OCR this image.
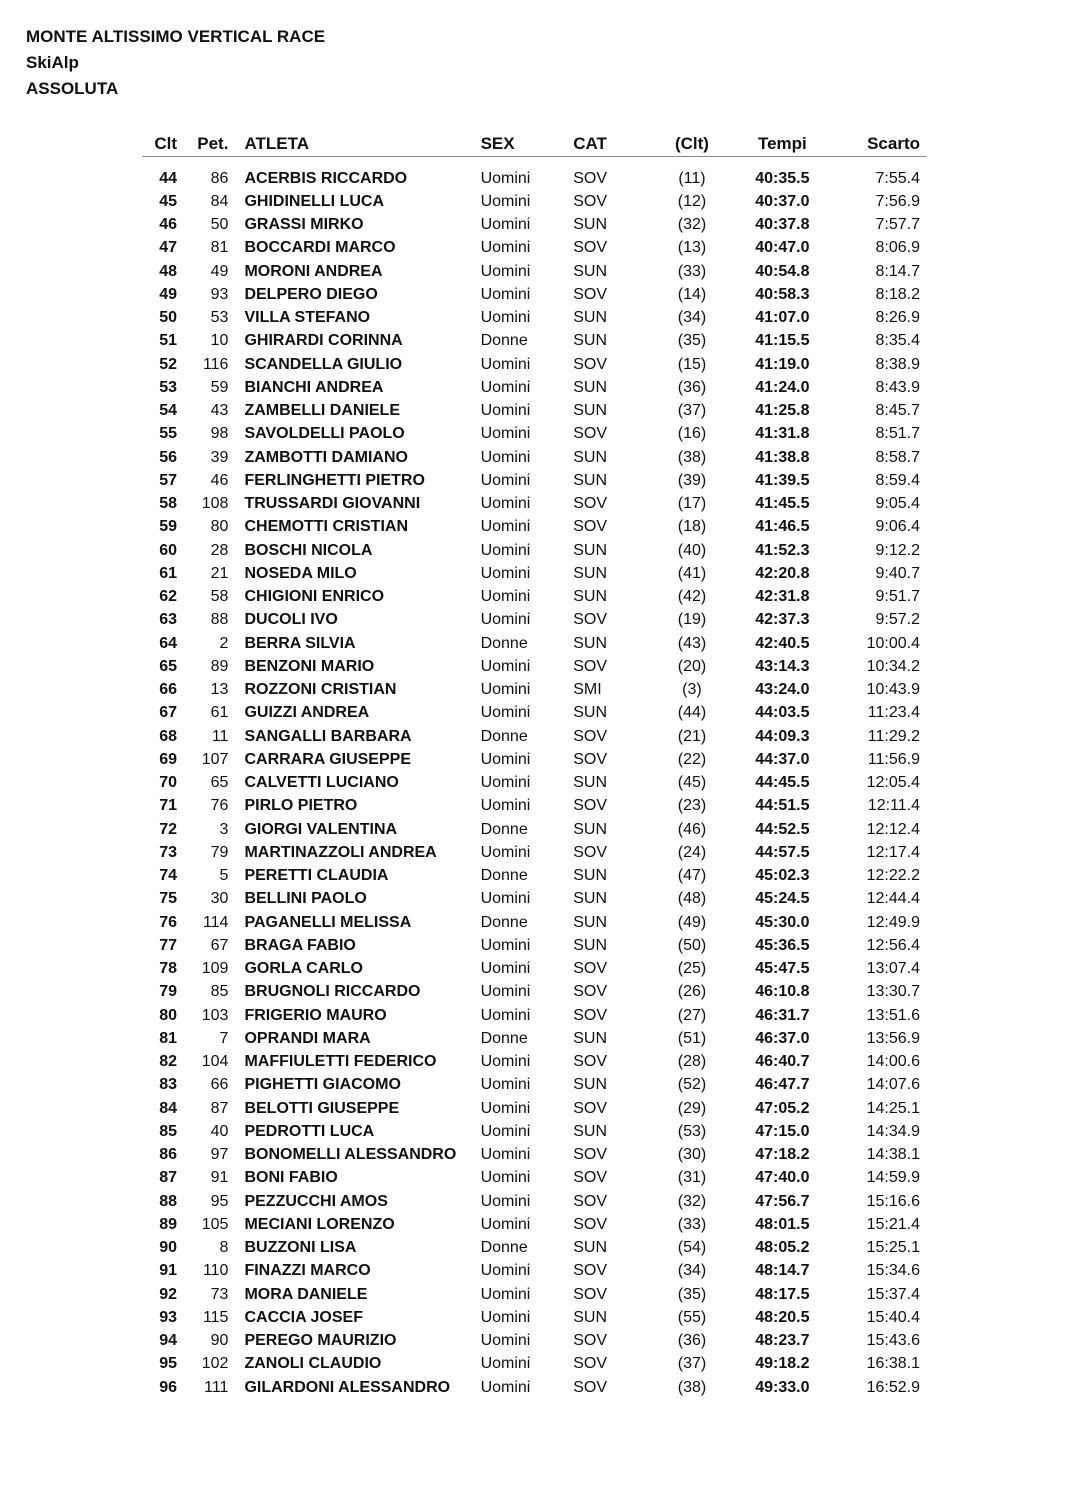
MONTE ALTISSIMO VERTICAL RACE
SkiAlp
ASSOLUTA
Clt	Pet.	ATLETA	SEX	CAT	(Clt)	Tempi	Scarto

44	86	ACERBIS RICCARDO	Uomini	SOV	(11)	40:35.5	7:55.4
45	84	GHIDINELLI LUCA	Uomini	SOV	(12)	40:37.0	7:56.9
46	50	GRASSI MIRKO	Uomini	SUN	(32)	40:37.8	7:57.7
47	81	BOCCARDI MARCO	Uomini	SOV	(13)	40:47.0	8:06.9
48	49	MORONI ANDREA	Uomini	SUN	(33)	40:54.8	8:14.7
49	93	DELPERO DIEGO	Uomini	SOV	(14)	40:58.3	8:18.2
50	53	VILLA STEFANO	Uomini	SUN	(34)	41:07.0	8:26.9
51	10	GHIRARDI CORINNA	Donne	SUN	(35)	41:15.5	8:35.4
52	116	SCANDELLA GIULIO	Uomini	SOV	(15)	41:19.0	8:38.9
53	59	BIANCHI ANDREA	Uomini	SUN	(36)	41:24.0	8:43.9
54	43	ZAMBELLI DANIELE	Uomini	SUN	(37)	41:25.8	8:45.7
55	98	SAVOLDELLI PAOLO	Uomini	SOV	(16)	41:31.8	8:51.7
56	39	ZAMBOTTI DAMIANO	Uomini	SUN	(38)	41:38.8	8:58.7
57	46	FERLINGHETTI PIETRO	Uomini	SUN	(39)	41:39.5	8:59.4
58	108	TRUSSARDI GIOVANNI	Uomini	SOV	(17)	41:45.5	9:05.4
59	80	CHEMOTTI CRISTIAN	Uomini	SOV	(18)	41:46.5	9:06.4
60	28	BOSCHI NICOLA	Uomini	SUN	(40)	41:52.3	9:12.2
61	21	NOSEDA MILO	Uomini	SUN	(41)	42:20.8	9:40.7
62	58	CHIGIONI ENRICO	Uomini	SUN	(42)	42:31.8	9:51.7
63	88	DUCOLI IVO	Uomini	SOV	(19)	42:37.3	9:57.2
64	2	BERRA SILVIA	Donne	SUN	(43)	42:40.5	10:00.4
65	89	BENZONI MARIO	Uomini	SOV	(20)	43:14.3	10:34.2
66	13	ROZZONI CRISTIAN	Uomini	SMI	(3)	43:24.0	10:43.9
67	61	GUIZZI ANDREA	Uomini	SUN	(44)	44:03.5	11:23.4
68	11	SANGALLI BARBARA	Donne	SOV	(21)	44:09.3	11:29.2
69	107	CARRARA GIUSEPPE	Uomini	SOV	(22)	44:37.0	11:56.9
70	65	CALVETTI LUCIANO	Uomini	SUN	(45)	44:45.5	12:05.4
71	76	PIRLO PIETRO	Uomini	SOV	(23)	44:51.5	12:11.4
72	3	GIORGI VALENTINA	Donne	SUN	(46)	44:52.5	12:12.4
73	79	MARTINAZZOLI ANDREA	Uomini	SOV	(24)	44:57.5	12:17.4
74	5	PERETTI CLAUDIA	Donne	SUN	(47)	45:02.3	12:22.2
75	30	BELLINI PAOLO	Uomini	SUN	(48)	45:24.5	12:44.4
76	114	PAGANELLI MELISSA	Donne	SUN	(49)	45:30.0	12:49.9
77	67	BRAGA FABIO	Uomini	SUN	(50)	45:36.5	12:56.4
78	109	GORLA CARLO	Uomini	SOV	(25)	45:47.5	13:07.4
79	85	BRUGNOLI RICCARDO	Uomini	SOV	(26)	46:10.8	13:30.7
80	103	FRIGERIO MAURO	Uomini	SOV	(27)	46:31.7	13:51.6
81	7	OPRANDI MARA	Donne	SUN	(51)	46:37.0	13:56.9
82	104	MAFFIULETTI FEDERICO	Uomini	SOV	(28)	46:40.7	14:00.6
83	66	PIGHETTI GIACOMO	Uomini	SUN	(52)	46:47.7	14:07.6
84	87	BELOTTI GIUSEPPE	Uomini	SOV	(29)	47:05.2	14:25.1
85	40	PEDROTTI LUCA	Uomini	SUN	(53)	47:15.0	14:34.9
86	97	BONOMELLI ALESSANDRO	Uomini	SOV	(30)	47:18.2	14:38.1
87	91	BONI FABIO	Uomini	SOV	(31)	47:40.0	14:59.9
88	95	PEZZUCCHI AMOS	Uomini	SOV	(32)	47:56.7	15:16.6
89	105	MECIANI LORENZO	Uomini	SOV	(33)	48:01.5	15:21.4
90	8	BUZZONI LISA	Donne	SUN	(54)	48:05.2	15:25.1
91	110	FINAZZI MARCO	Uomini	SOV	(34)	48:14.7	15:34.6
92	73	MORA DANIELE	Uomini	SOV	(35)	48:17.5	15:37.4
93	115	CACCIA JOSEF	Uomini	SUN	(55)	48:20.5	15:40.4
94	90	PEREGO MAURIZIO	Uomini	SOV	(36)	48:23.7	15:43.6
95	102	ZANOLI CLAUDIO	Uomini	SOV	(37)	49:18.2	16:38.1
96	111	GILARDONI ALESSANDRO	Uomini	SOV	(38)	49:33.0	16:52.9
